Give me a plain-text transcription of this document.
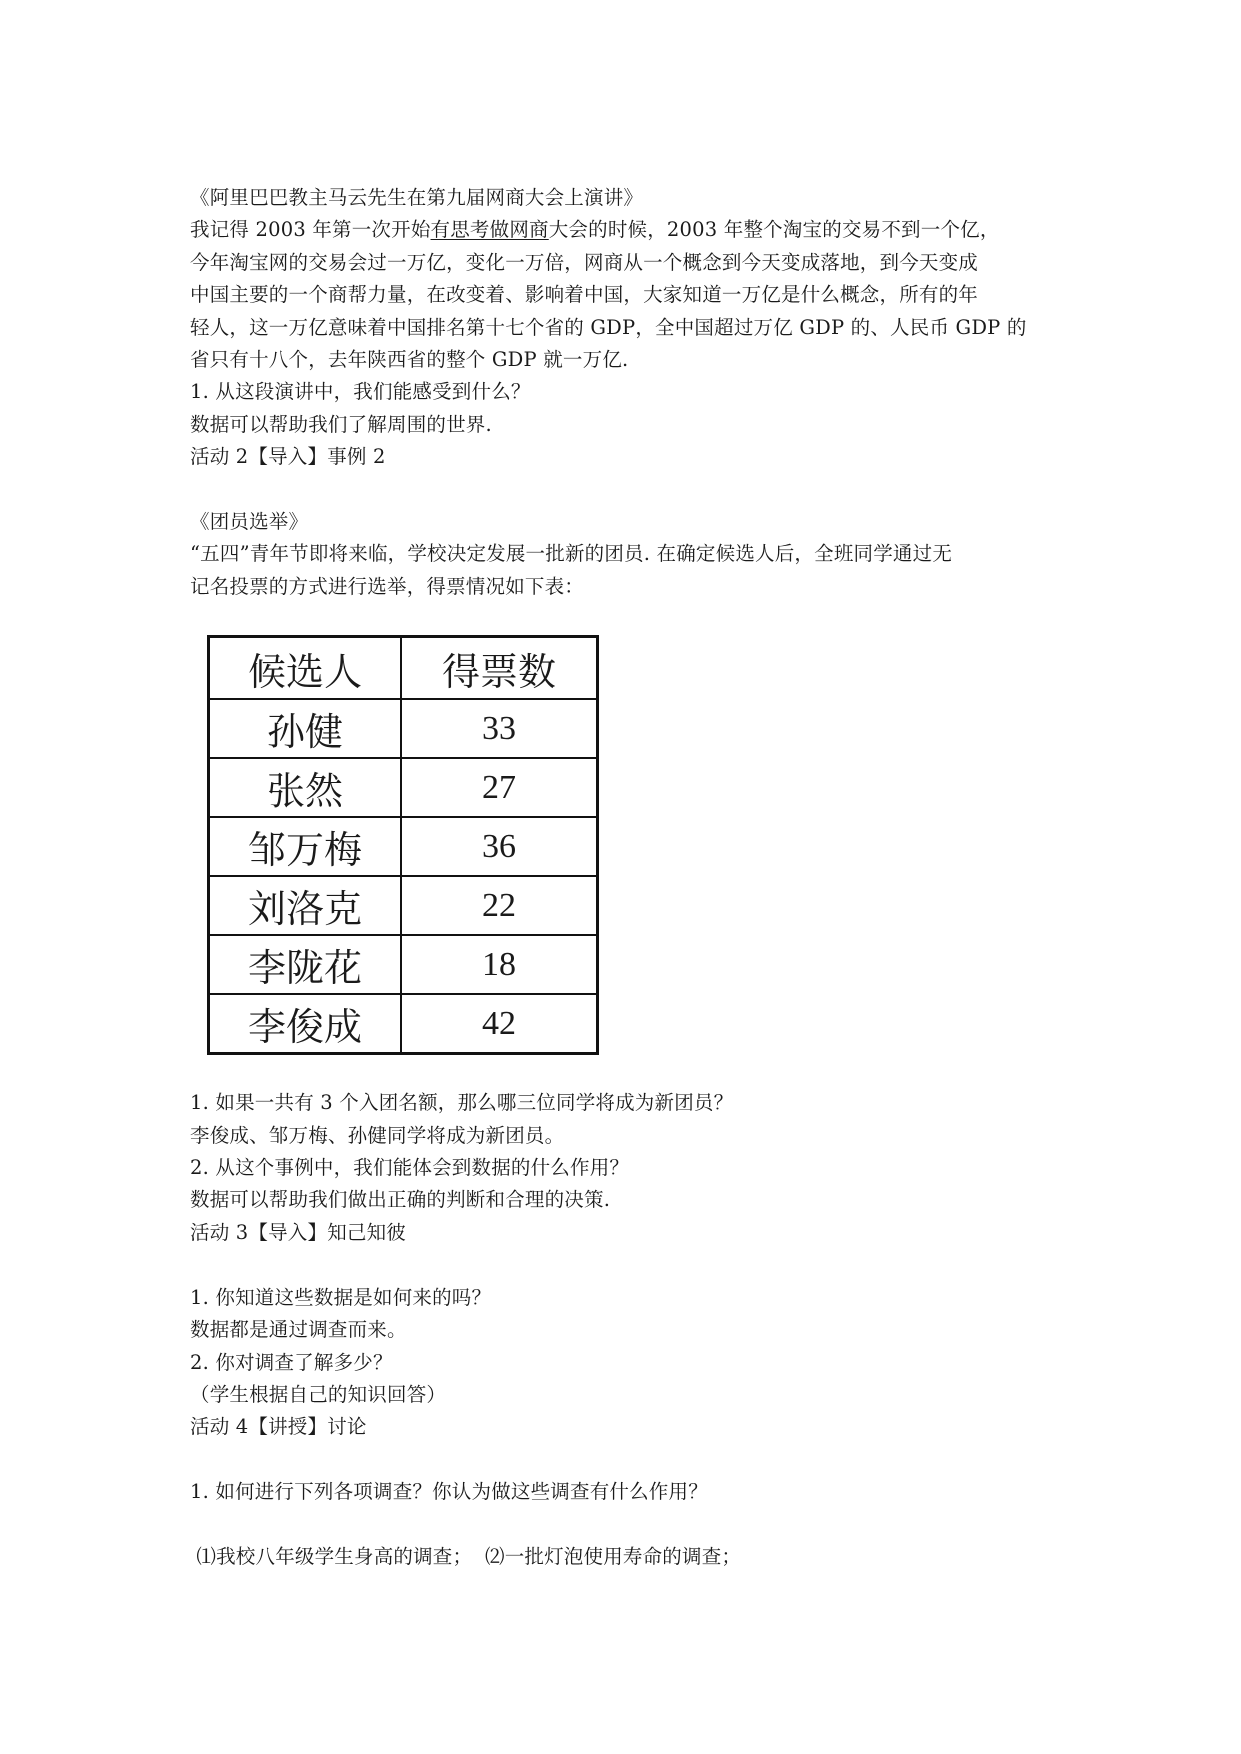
《阿里巴巴教主马云先生在第九届网商大会上演讲》
我记得 2003 年第一次开始有思考做网商大会的时候，2003 年整个淘宝的交易不到一个亿，
今年淘宝网的交易会过一万亿，变化一万倍，网商从一个概念到今天变成落地，到今天变成
中国主要的一个商帮力量，在改变着、影响着中国，大家知道一万亿是什么概念，所有的年
轻人，这一万亿意味着中国排名第十七个省的 GDP，全中国超过万亿 GDP 的、人民币 GDP 的
省只有十八个，去年陕西省的整个 GDP 就一万亿.
1. 从这段演讲中，我们能感受到什么？
数据可以帮助我们了解周围的世界.
活动 2【导入】事例 2
《团员选举》
“五四”青年节即将来临，学校决定发展一批新的团员. 在确定候选人后，全班同学通过无
记名投票的方式进行选举，得票情况如下表：
候选人	得票数
孙健	33
张然	27
邹万梅	36
刘洛克	22
李陇花	18
李俊成	42
1. 如果一共有 3 个入团名额，那么哪三位同学将成为新团员？
李俊成、邹万梅、孙健同学将成为新团员。
2. 从这个事例中，我们能体会到数据的什么作用？
数据可以帮助我们做出正确的判断和合理的决策.
活动 3【导入】知己知彼
1. 你知道这些数据是如何来的吗？
数据都是通过调查而来。
2. 你对调查了解多少？
（学生根据自己的知识回答）
活动 4【讲授】讨论
1. 如何进行下列各项调查？你认为做这些调查有什么作用？
⑴我校八年级学生身高的调查；  ⑵一批灯泡使用寿命的调查；
